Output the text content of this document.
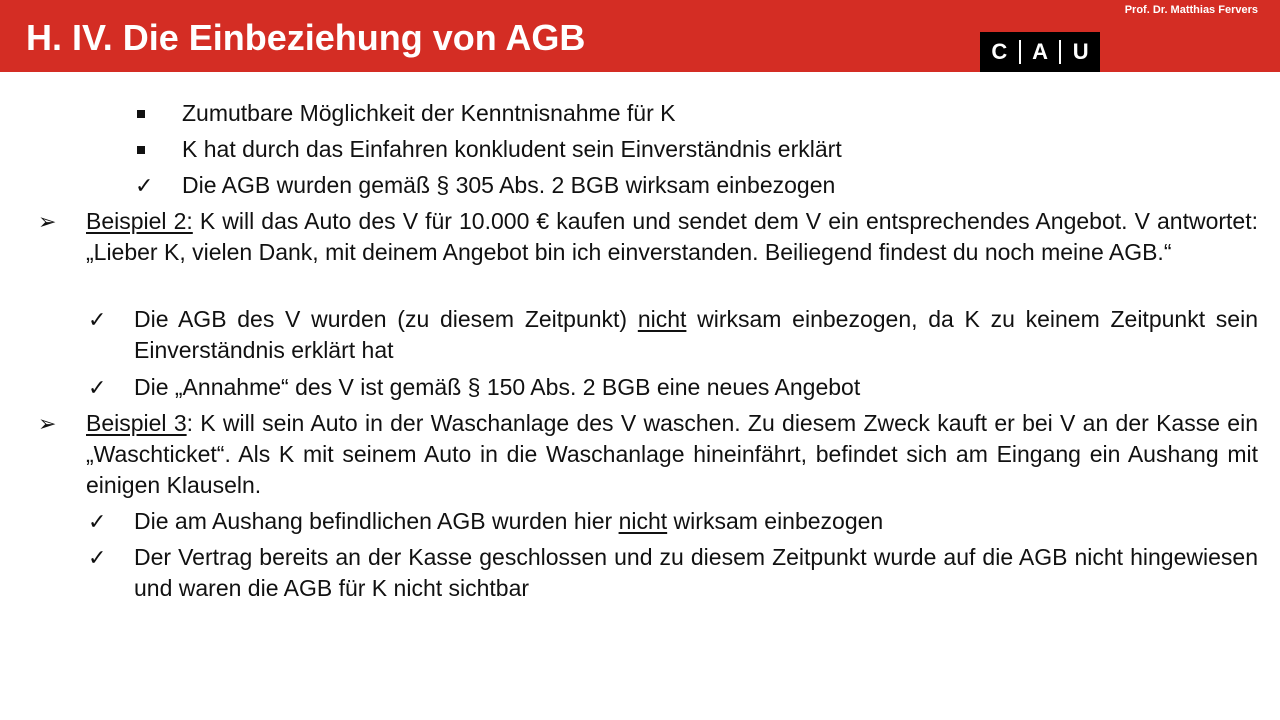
H. IV. Die Einbeziehung von AGB
Prof. Dr. Matthias Fervers
C	A	U
Zumutbare Möglichkeit der Kenntnisnahme für K
K hat durch das Einfahren konkludent sein Einverständnis erklärt
✓ Die AGB wurden gemäß § 305 Abs. 2 BGB wirksam einbezogen
➢ Beispiel 2: K will das Auto des V für 10.000 € kaufen und sendet dem V ein entsprechendes Angebot. V antwortet: „Lieber K, vielen Dank, mit deinem Angebot bin ich einverstanden. Beiliegend findest du noch meine AGB.“
✓ Die AGB des V wurden (zu diesem Zeitpunkt) nicht wirksam einbezogen, da K zu keinem Zeitpunkt sein Einverständnis erklärt hat
✓ Die „Annahme“ des V ist gemäß § 150 Abs. 2 BGB eine neues Angebot
➢ Beispiel 3: K will sein Auto in der Waschanlage des V waschen. Zu diesem Zweck kauft er bei V an der Kasse ein „Waschticket“. Als K mit seinem Auto in die Waschanlage hineinfährt, befindet sich am Eingang ein Aushang mit einigen Klauseln.
✓ Die am Aushang befindlichen AGB wurden hier nicht wirksam einbezogen
✓ Der Vertrag bereits an der Kasse geschlossen und zu diesem Zeitpunkt wurde auf die AGB nicht hingewiesen und waren die AGB für K nicht sichtbar
